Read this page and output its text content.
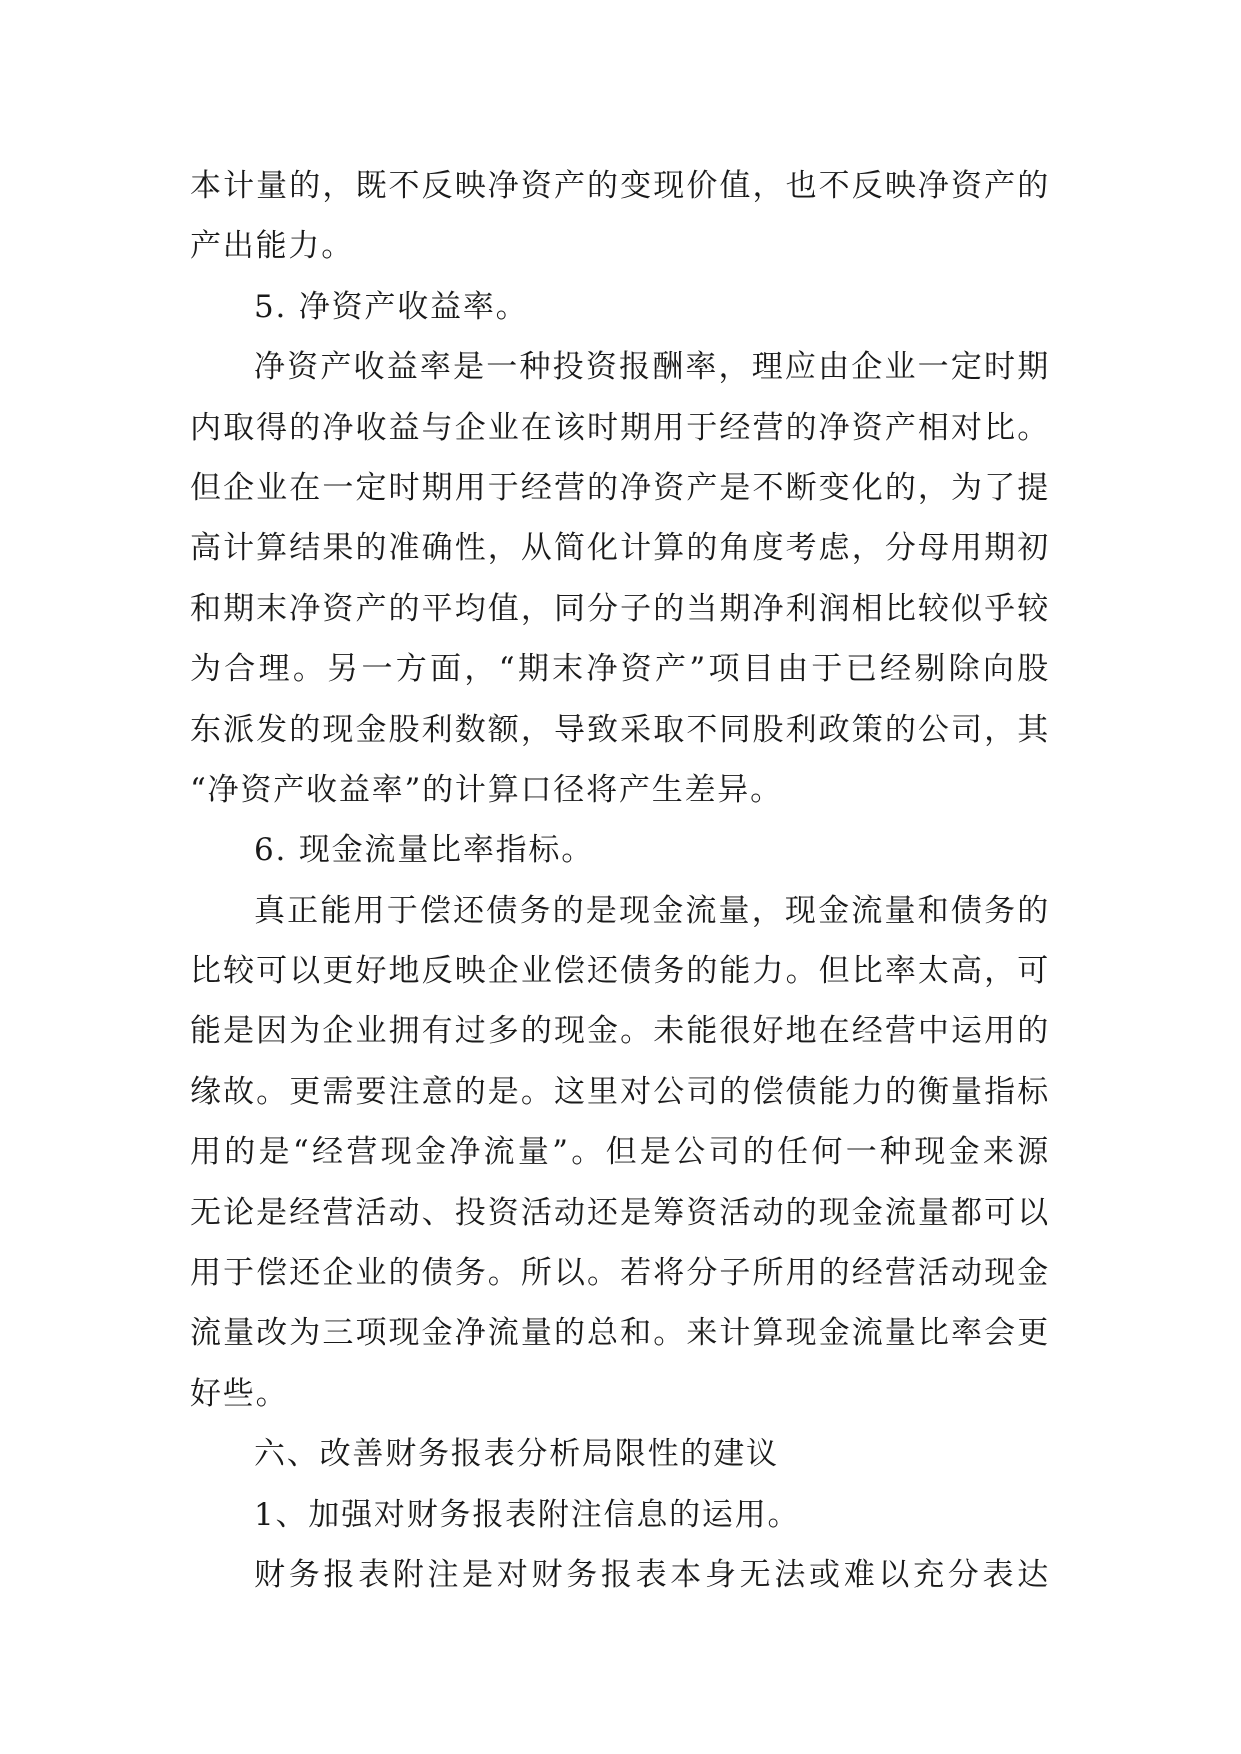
本计量的，既不反映净资产的变现价值，也不反映净资产的
产出能力。
5. 净资产收益率。
净资产收益率是一种投资报酬率，理应由企业一定时期
内取得的净收益与企业在该时期用于经营的净资产相对比。
但企业在一定时期用于经营的净资产是不断变化的，为了提
高计算结果的准确性，从简化计算的角度考虑，分母用期初
和期末净资产的平均值，同分子的当期净利润相比较似乎较
为合理。另一方面，“期末净资产”项目由于已经剔除向股
东派发的现金股利数额，导致采取不同股利政策的公司，其
“净资产收益率”的计算口径将产生差异。
6. 现金流量比率指标。
真正能用于偿还债务的是现金流量，现金流量和债务的
比较可以更好地反映企业偿还债务的能力。但比率太高，可
能是因为企业拥有过多的现金。未能很好地在经营中运用的
缘故。更需要注意的是。这里对公司的偿债能力的衡量指标
用的是“经营现金净流量”。但是公司的任何一种现金来源
无论是经营活动、投资活动还是筹资活动的现金流量都可以
用于偿还企业的债务。所以。若将分子所用的经营活动现金
流量改为三项现金净流量的总和。来计算现金流量比率会更
好些。
六、改善财务报表分析局限性的建议
1、加强对财务报表附注信息的运用。
财务报表附注是对财务报表本身无法或难以充分表达
